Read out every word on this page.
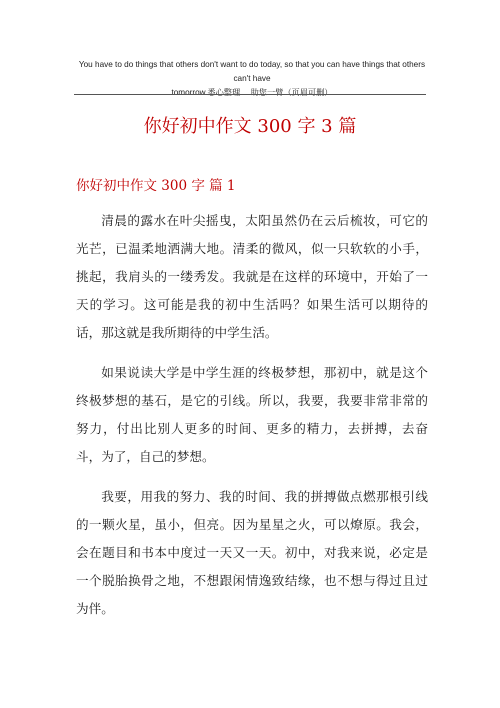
You have to do things that others don't want to do today, so that you can have things that others can't have
tomorrow.悉心整理　 助您一臂（页眉可删）
你好初中作文 300 字 3 篇
你好初中作文 300 字 篇 1

清晨的露水在叶尖摇曳，太阳虽然仍在云后梳妆，可它的光芒，已温柔地洒满大地。清柔的微风，似一只软软的小手，挑起，我肩头的一缕秀发。我就是在这样的环境中，开始了一天的学习。这可能是我的初中生活吗？如果生活可以期待的话，那这就是我所期待的中学生活。

如果说读大学是中学生涯的终极梦想，那初中，就是这个终极梦想的基石，是它的引线。所以，我要，我要非常非常的努力，付出比别人更多的时间、更多的精力，去拼搏，去奋斗，为了，自己的梦想。

我要，用我的努力、我的时间、我的拼搏做点燃那根引线的一颗火星，虽小，但亮。因为星星之火，可以燎原。我会，会在题目和书本中度过一天又一天。初中，对我来说，必定是一个脱胎换骨之地，不想跟闲情逸致结缘，也不想与得过且过为伴。
